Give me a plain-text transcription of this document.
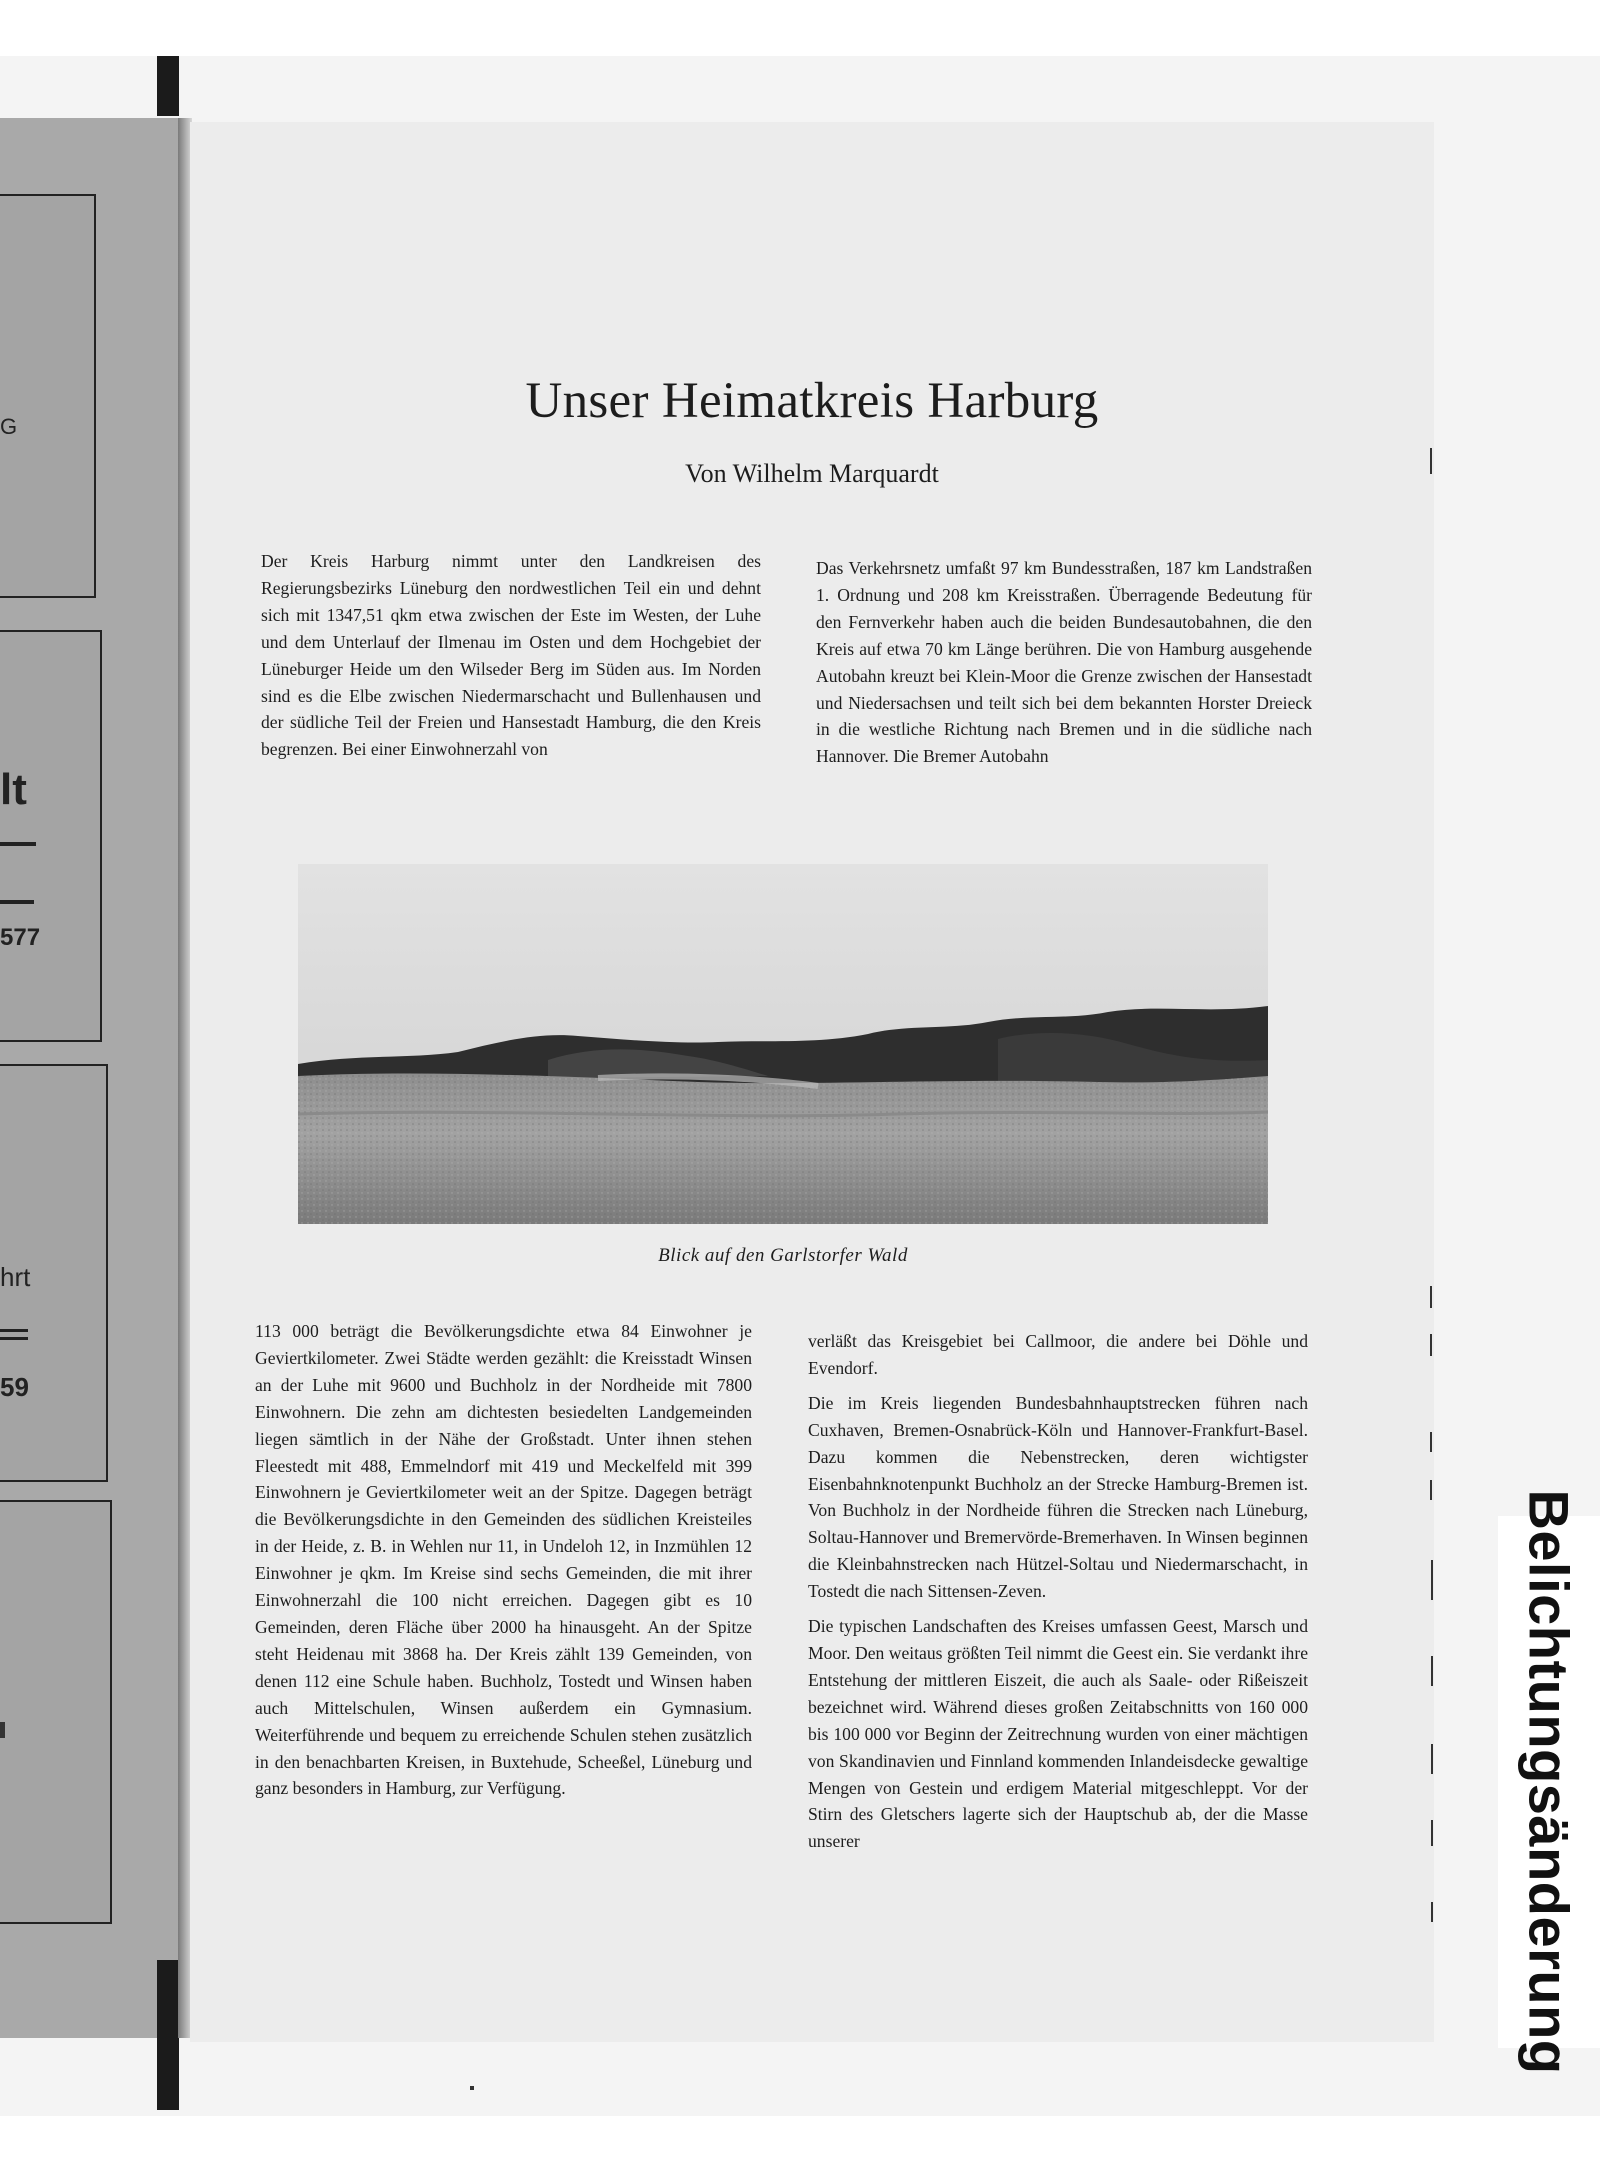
G
lt
577
hrt
59
Unser Heimatkreis Harburg
Von Wilhelm Marquardt

Der Kreis Harburg nimmt unter den Landkreisen des Regierungsbezirks Lüneburg den nordwestlichen Teil ein und dehnt sich mit 1347,51 qkm etwa zwischen der Este im Westen, der Luhe und dem Unterlauf der Ilmenau im Osten und dem Hochgebiet der Lüneburger Heide um den Wilseder Berg im Süden aus. Im Norden sind es die Elbe zwischen Niedermarschacht und Bullenhausen und der südliche Teil der Freien und Hansestadt Hamburg, die den Kreis begrenzen. Bei einer Einwohnerzahl von

Das Verkehrsnetz umfaßt 97 km Bundesstraßen, 187 km Landstraßen 1. Ordnung und 208 km Kreisstraßen. Überragende Bedeutung für den Fernverkehr haben auch die beiden Bundesautobahnen, die den Kreis auf etwa 70 km Länge berühren. Die von Hamburg ausgehende Autobahn kreuzt bei Klein-Moor die Grenze zwischen der Hansestadt und Niedersachsen und teilt sich bei dem bekannten Horster Dreieck in die westliche Richtung nach Bremen und in die südliche nach Hannover. Die Bremer Autobahn

Blick auf den Garlstorfer Wald

113 000 beträgt die Bevölkerungsdichte etwa 84 Einwohner je Geviertkilometer. Zwei Städte werden gezählt: die Kreisstadt Winsen an der Luhe mit 9600 und Buchholz in der Nordheide mit 7800 Einwohnern. Die zehn am dichtesten besiedelten Landgemeinden liegen sämtlich in der Nähe der Großstadt. Unter ihnen stehen Fleestedt mit 488, Emmelndorf mit 419 und Meckelfeld mit 399 Einwohnern je Geviertkilometer weit an der Spitze. Dagegen beträgt die Bevölkerungsdichte in den Gemeinden des südlichen Kreisteiles in der Heide, z. B. in Wehlen nur 11, in Undeloh 12, in Inzmühlen 12 Einwohner je qkm. Im Kreise sind sechs Gemeinden, die mit ihrer Einwohnerzahl die 100 nicht erreichen. Dagegen gibt es 10 Gemeinden, deren Fläche über 2000 ha hinausgeht. An der Spitze steht Heidenau mit 3868 ha. Der Kreis zählt 139 Gemeinden, von denen 112 eine Schule haben. Buchholz, Tostedt und Winsen haben auch Mittelschulen, Winsen außerdem ein Gymnasium. Weiterführende und bequem zu erreichende Schulen stehen zusätzlich in den benachbarten Kreisen, in Buxtehude, Scheeßel, Lüneburg und ganz besonders in Hamburg, zur Verfügung.

verläßt das Kreisgebiet bei Callmoor, die andere bei Döhle und Evendorf.

Die im Kreis liegenden Bundesbahnhauptstrecken führen nach Cuxhaven, Bremen-Osnabrück-Köln und Hannover-Frankfurt-Basel. Dazu kommen die Nebenstrecken, deren wichtigster Eisenbahnknotenpunkt Buchholz an der Strecke Hamburg-Bremen ist. Von Buchholz in der Nordheide führen die Strecken nach Lüneburg, Soltau-Hannover und Bremervörde-Bremerhaven. In Winsen beginnen die Kleinbahnstrecken nach Hützel-Soltau und Niedermarschacht, in Tostedt die nach Sittensen-Zeven.

Die typischen Landschaften des Kreises umfassen Geest, Marsch und Moor. Den weitaus größten Teil nimmt die Geest ein. Sie verdankt ihre Entstehung der mittleren Eiszeit, die auch als Saale- oder Rißeiszeit bezeichnet wird. Während dieses großen Zeitabschnitts von 160 000 bis 100 000 vor Beginn der Zeitrechnung wurden von einer mächtigen von Skandinavien und Finnland kommenden Inlandeisdecke gewaltige Mengen von Gestein und erdigem Material mitgeschleppt. Vor der Stirn des Gletschers lagerte sich der Hauptschub ab, der die Masse unserer	Belichtungsänderung
